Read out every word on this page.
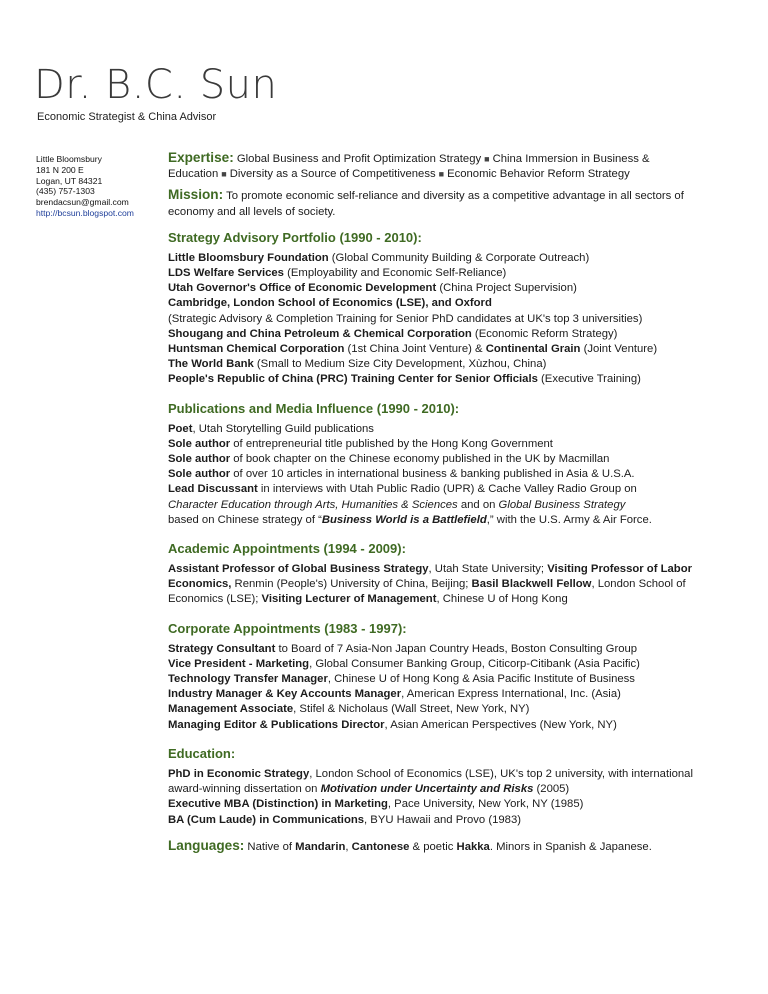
Dr. B.C. Sun
Economic Strategist & China Advisor
Little Bloomsbury
181 N 200 E
Logan, UT 84321
(435) 757-1303
brendacsun@gmail.com
http://bcsun.blogspot.com

Expertise: Global Business and Profit Optimization Strategy ■ China Immersion in Business & Education ■ Diversity as a Source of Competitiveness ■ Economic Behavior Reform Strategy

Mission: To promote economic self-reliance and diversity as a competitive advantage in all sectors of economy and all levels of society.

Strategy Advisory Portfolio (1990 - 2010):
Little Bloomsbury Foundation (Global Community Building & Corporate Outreach)
LDS Welfare Services (Employability and Economic Self-Reliance)
Utah Governor's Office of Economic Development (China Project Supervision)
Cambridge, London School of Economics (LSE), and Oxford
(Strategic Advisory & Completion Training for Senior PhD candidates at UK's top 3 universities)
Shougang and China Petroleum & Chemical Corporation (Economic Reform Strategy)
Huntsman Chemical Corporation (1st China Joint Venture) & Continental Grain (Joint Venture)
The World Bank (Small to Medium Size City Development, Xùzhou, China)
People's Republic of China (PRC) Training Center for Senior Officials (Executive Training)
Publications and Media Influence (1990 - 2010):
Poet, Utah Storytelling Guild publications
Sole author of entrepreneurial title published by the Hong Kong Government
Sole author of book chapter on the Chinese economy published in the UK by Macmillan
Sole author of over 10 articles in international business & banking published in Asia & U.S.A.
Lead Discussant in interviews with Utah Public Radio (UPR) & Cache Valley Radio Group on
Character Education through Arts, Humanities & Sciences and on Global Business Strategy
based on Chinese strategy of “Business World is a Battlefield,” with the U.S. Army & Air Force.
Academic Appointments (1994 - 2009):

Assistant Professor of Global Business Strategy, Utah State University; Visiting Professor of Labor Economics, Renmin (People's) University of China, Beijing; Basil Blackwell Fellow, London School of Economics (LSE); Visiting Lecturer of Management, Chinese U of Hong Kong

Corporate Appointments (1983 - 1997):
Strategy Consultant to Board of 7 Asia-Non Japan Country Heads, Boston Consulting Group
Vice President - Marketing, Global Consumer Banking Group, Citicorp-Citibank (Asia Pacific)
Technology Transfer Manager, Chinese U of Hong Kong & Asia Pacific Institute of Business
Industry Manager & Key Accounts Manager, American Express International, Inc. (Asia)
Management Associate, Stifel & Nicholaus (Wall Street, New York, NY)
Managing Editor & Publications Director, Asian American Perspectives (New York, NY)
Education:

PhD in Economic Strategy, London School of Economics (LSE), UK's top 2 university, with international award-winning dissertation on Motivation under Uncertainty and Risks (2005)

Executive MBA (Distinction) in Marketing, Pace University, New York, NY (1985)
BA (Cum Laude) in Communications, BYU Hawaii and Provo (1983)

Languages: Native of Mandarin, Cantonese & poetic Hakka. Minors in Spanish & Japanese.
